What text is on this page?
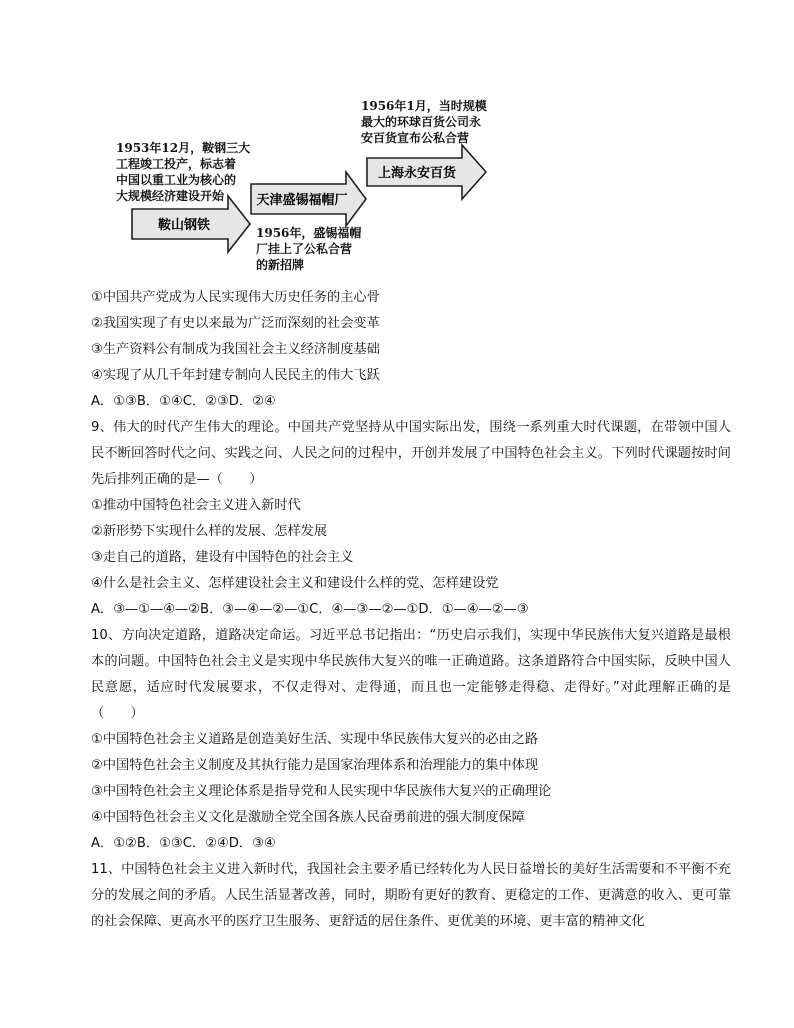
鞍山钢铁
天津盛锡福帽厂
上海永安百货

1953年12月，鞍钢三大
工程竣工投产，标志着
中国以重工业为核心的
大规模经济建设开始

1956年，盛锡福帽
厂挂上了公私合营
的新招牌

1956年1月，当时规模
最大的环球百货公司永
安百货宣布公私合营

①中国共产党成为人民实现伟大历史任务的主心骨

②我国实现了有史以来最为广泛而深刻的社会变革

③生产资料公有制成为我国社会主义经济制度基础

④实现了从几千年封建专制向人民民主的伟大飞跃

A．①③B．①④C．②③D．②④

9、伟大的时代产生伟大的理论。中国共产党坚持从中国实际出发，围绕一系列重大时代课题，在带领中国人民不断回答时代之问、实践之问、人民之问的过程中，开创并发展了中国特色社会主义。下列时代课题按时间先后排列正确的是—（　　）

①推动中国特色社会主义进入新时代

②新形势下实现什么样的发展、怎样发展

③走自己的道路，建设有中国特色的社会主义

④什么是社会主义、怎样建设社会主义和建设什么样的党、怎样建设党

A．③—①—④—②B．③—④—②—①C．④—③—②—①D．①—④—②—③

10、方向决定道路，道路决定命运。习近平总书记指出：“历史启示我们，实现中华民族伟大复兴道路是最根本的问题。中国特色社会主义是实现中华民族伟大复兴的唯一正确道路。这条道路符合中国实际，反映中国人民意愿，适应时代发展要求，不仅走得对、走得通，而且也一定能够走得稳、走得好。”对此理解正确的是（　　）

①中国特色社会主义道路是创造美好生活、实现中华民族伟大复兴的必由之路

②中国特色社会主义制度及其执行能力是国家治理体系和治理能力的集中体现

③中国特色社会主义理论体系是指导党和人民实现中华民族伟大复兴的正确理论

④中国特色社会主义文化是激励全党全国各族人民奋勇前进的强大制度保障

A．①②B．①③C．②④D．③④

11、中国特色社会主义进入新时代，我国社会主要矛盾已经转化为人民日益增长的美好生活需要和不平衡不充分的发展之间的矛盾。人民生活显著改善，同时，期盼有更好的教育、更稳定的工作、更满意的收入、更可靠的社会保障、更高水平的医疗卫生服务、更舒适的居住条件、更优美的环境、更丰富的精神文化
